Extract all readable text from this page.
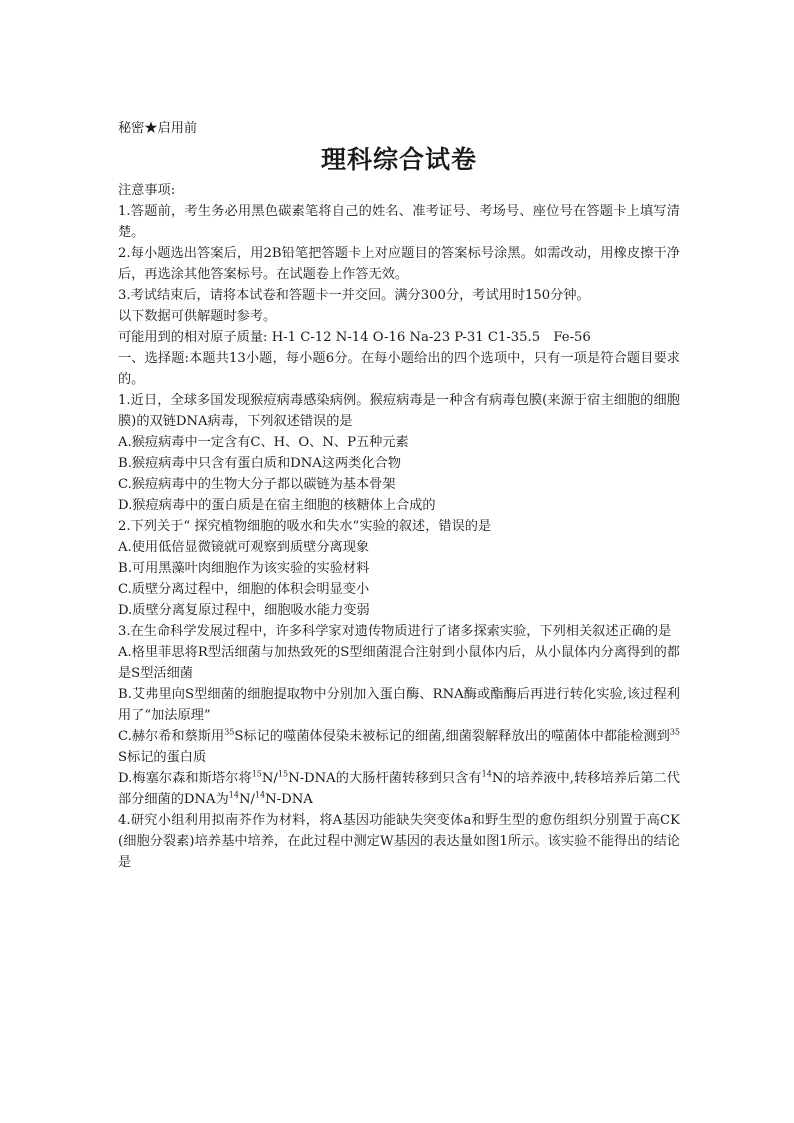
秘密★启用前

理科综合试卷

注意事项:

1.答题前，考生务必用黑色碳素笔将自己的姓名、准考证号、考场号、座位号在答题卡上填写清楚。

2.每小题选出答案后，用2B铅笔把答题卡上对应题目的答案标号涂黑。如需改动，用橡皮擦干净后，再选涂其他答案标号。在试题卷上作答无效。

3.考试结束后，请将本试卷和答题卡一并交回。满分300分，考试用时150分钟。

以下数据可供解题时参考。

可能用到的相对原子质量: H-1 C-12 N-14 O-16 Na-23 P-31 C1-35.5　Fe-56

一、选择题:本题共13小题，每小题6分。在每小题给出的四个选项中，只有一项是符合题目要求的。

1.近日，全球多国发现猴痘病毒感染病例。猴痘病毒是一种含有病毒包膜(来源于宿主细胞的细胞膜)的双链DNA病毒，下列叙述错误的是

A.猴痘病毒中一定含有C、H、O、N、P五种元素

B.猴痘病毒中只含有蛋白质和DNA这两类化合物

C.猴痘病毒中的生物大分子都以碳链为基本骨架

D.猴痘病毒中的蛋白质是在宿主细胞的核糖体上合成的

2.下列关于“ 探究植物细胞的吸水和失水”实验的叙述，错误的是

A.使用低倍显微镜就可观察到质壁分离现象

B.可用黑藻叶肉细胞作为该实验的实验材料

C.质壁分离过程中，细胞的体积会明显变小

D.质壁分离复原过程中，细胞吸水能力变弱

3.在生命科学发展过程中，许多科学家对遗传物质进行了诸多探索实验，下列相关叙述正确的是

A.格里菲思将R型活细菌与加热致死的S型细菌混合注射到小鼠体内后，从小鼠体内分离得到的都是S型活细菌

B.艾弗里向S型细菌的细胞提取物中分别加入蛋白酶、RNA酶或酯酶后再进行转化实验,该过程利用了“加法原理”

C.赫尔希和蔡斯用$^{35}$S标记的噬菌体侵染未被标记的细菌,细菌裂解释放出的噬菌体中都能检测到$^{35}$S标记的蛋白质

D.梅塞尔森和斯塔尔将$^{15}$N/$^{15}$N-DNA的大肠杆菌转移到只含有$^{14}$N的培养液中,转移培养后第二代部分细菌的DNA为$^{14}$N/$^{14}$N-DNA

4.研究小组利用拟南芥作为材料，将A基因功能缺失突变体a和野生型的愈伤组织分别置于高CK(细胞分裂素)培养基中培养，在此过程中测定W基因的表达量如图1所示。该实验不能得出的结论是
